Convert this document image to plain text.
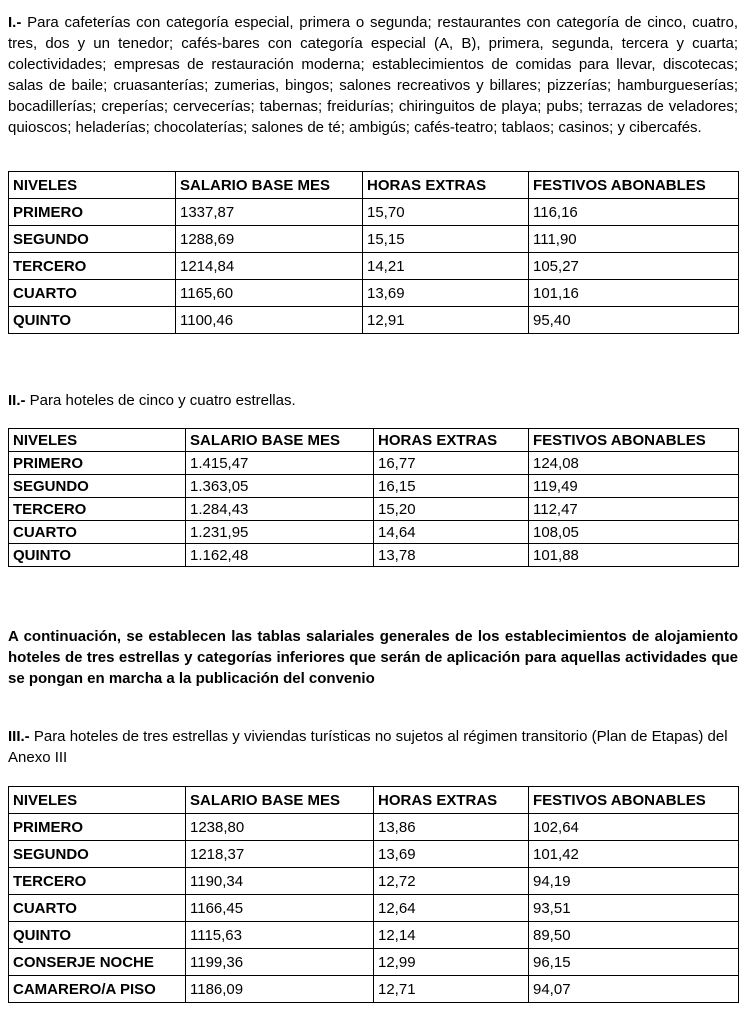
I.- Para cafeterías con categoría especial, primera o segunda; restaurantes con categoría de cinco, cuatro, tres, dos y un tenedor; cafés-bares con categoría especial (A, B), primera, segunda, tercera y cuarta; colectividades; empresas de restauración moderna; establecimientos de comidas para llevar, discotecas; salas de baile; cruasanterías; zumerias, bingos; salones recreativos y billares; pizzerías; hamburgueserías; bocadillerías; creperías; cervecerías; tabernas; freidurías; chiringuitos de playa; pubs; terrazas de veladores; quioscos; heladerías; chocolaterías; salones de té; ambigús; cafés-teatro; tablaos; casinos; y cibercafés.

NIVELES	SALARIO BASE MES	HORAS EXTRAS	FESTIVOS ABONABLES
PRIMERO	1337,87	15,70	116,16
SEGUNDO	1288,69	15,15	111,90
TERCERO	1214,84	14,21	105,27
CUARTO	1165,60	13,69	101,16
QUINTO	1100,46	12,91	95,40

II.- Para hoteles de cinco y cuatro estrellas.

NIVELES	SALARIO BASE MES	HORAS EXTRAS	FESTIVOS ABONABLES
PRIMERO	1.415,47	16,77	124,08
SEGUNDO	1.363,05	16,15	119,49
TERCERO	1.284,43	15,20	112,47
CUARTO	1.231,95	14,64	108,05
QUINTO	1.162,48	13,78	101,88

A continuación, se establecen las tablas salariales generales de los establecimientos de alojamiento hoteles de tres estrellas y categorías inferiores que serán de aplicación para aquellas actividades que se pongan en marcha a la publicación del convenio

III.- Para hoteles de tres estrellas y viviendas turísticas no sujetos al régimen transitorio (Plan de Etapas) del Anexo III

NIVELES	SALARIO BASE MES	HORAS EXTRAS	FESTIVOS ABONABLES
PRIMERO	1238,80	13,86	102,64
SEGUNDO	1218,37	13,69	101,42
TERCERO	1190,34	12,72	94,19
CUARTO	1166,45	12,64	93,51
QUINTO	1115,63	12,14	89,50
CONSERJE NOCHE	1199,36	12,99	96,15
CAMARERO/A PISO	1186,09	12,71	94,07
